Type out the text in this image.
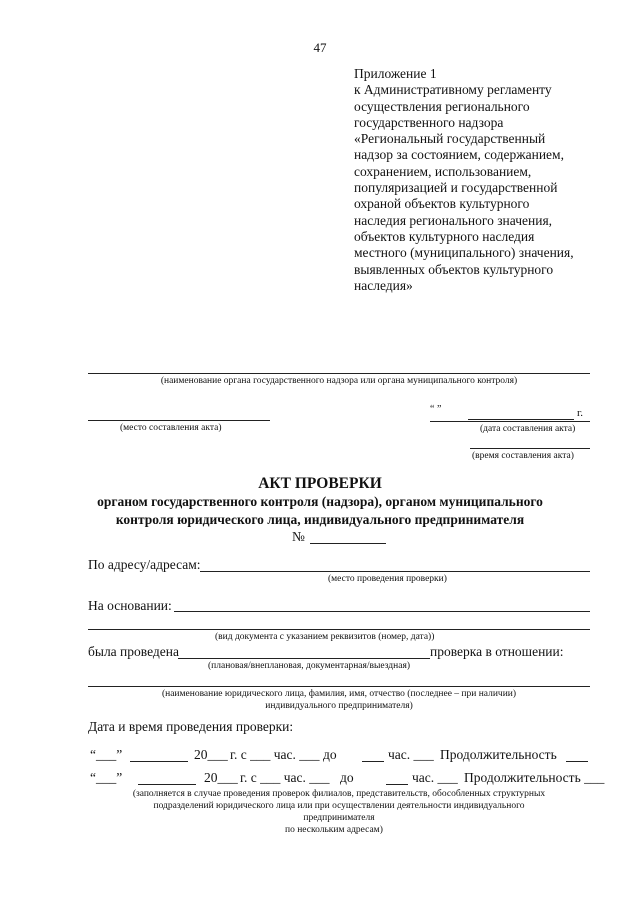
47
Приложение 1
к Административному регламенту
осуществления регионального
государственного надзора
«Региональный государственный
надзор за состоянием, содержанием,
сохранением, использованием,
популяризацией и государственной
охраной объектов культурного
наследия регионального значения,
объектов культурного наследия
местного (муниципального) значения,
выявленных объектов культурного
наследия»
(наименование органа государственного надзора или органа муниципального контроля)
(место составления акта)
“ ”	г.
(дата составления акта)
(время составления акта)
АКТ ПРОВЕРКИ
органом государственного контроля (надзора), органом муниципального
контроля юридического лица, индивидуального предпринимателя
№
По адресу/адресам:
(место проведения проверки)
На основании:
(вид документа с указанием реквизитов (номер, дата))
была проведена	проверка в отношении:
(плановая/внеплановая, документарная/выездная)
(наименование юридического лица, фамилия, имя, отчество (последнее – при наличии)
индивидуального предпринимателя)
Дата и время проведения проверки:
“___”	20___ г. с ___ час. ___ до	час. ___ Продолжительность
“___”	20___ г. с ___ час. ___ до	час. ___ Продолжительность ___
(заполняется в случае проведения проверок филиалов, представительств, обособленных структурных
подразделений юридического лица или при осуществлении деятельности индивидуального
предпринимателя
по нескольким адресам)
